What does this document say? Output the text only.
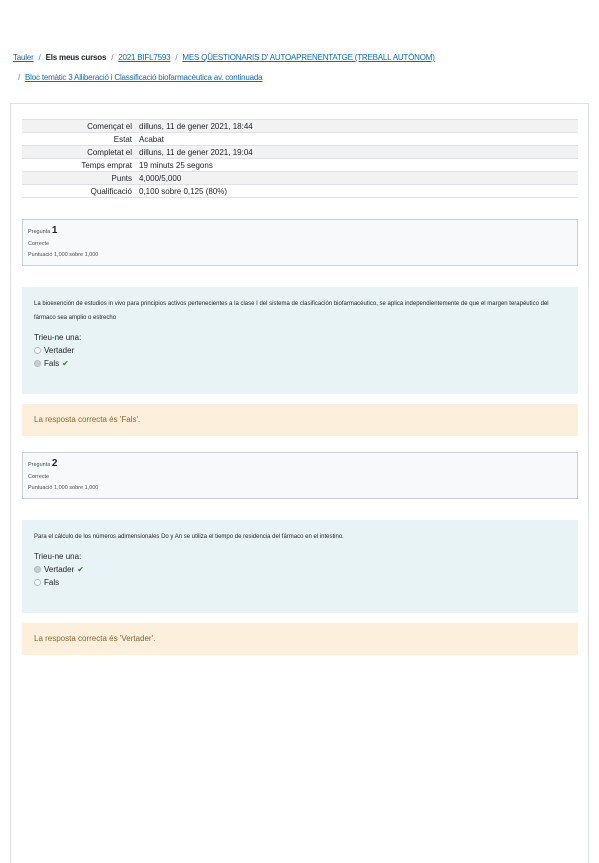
Tauler / Els meus cursos / 2021 BIFL7593 / MES QÜESTIONARIS D' AUTOAPRENENTATGE (TREBALL AUTÒNOM)
/ Bloc temàtic 3 Alliberació i Classificació biofarmacèutica av. continuada
Començat el	dilluns, 11 de gener 2021, 18:44
Estat	Acabat
Completat el	dilluns, 11 de gener 2021, 19:04
Temps emprat	19 minuts 25 segons
Punts	4,000/5,000
Qualificació	0,100 sobre 0,125 (80%)
Pregunta 1
Correcte
Puntuació 1,000 sobre 1,000
La bioexención de estudios in vivo para principios activos pertenecientes a la clase I del sistema de clasificación biofarmacéutico, se aplica independientemente de que el margen terapéutico del fármaco sea amplio o estrecho
Trieu-ne una:
Vertader
Fals ✔
La resposta correcta és 'Fals'.
Pregunta 2
Correcte
Puntuació 1,000 sobre 1,000
Para el cálculo de los números adimensionales Do y An se utiliza el tiempo de residencia del fármaco en el intestino.
Trieu-ne una:
Vertader ✔
Fals
La resposta correcta és 'Vertader'.
